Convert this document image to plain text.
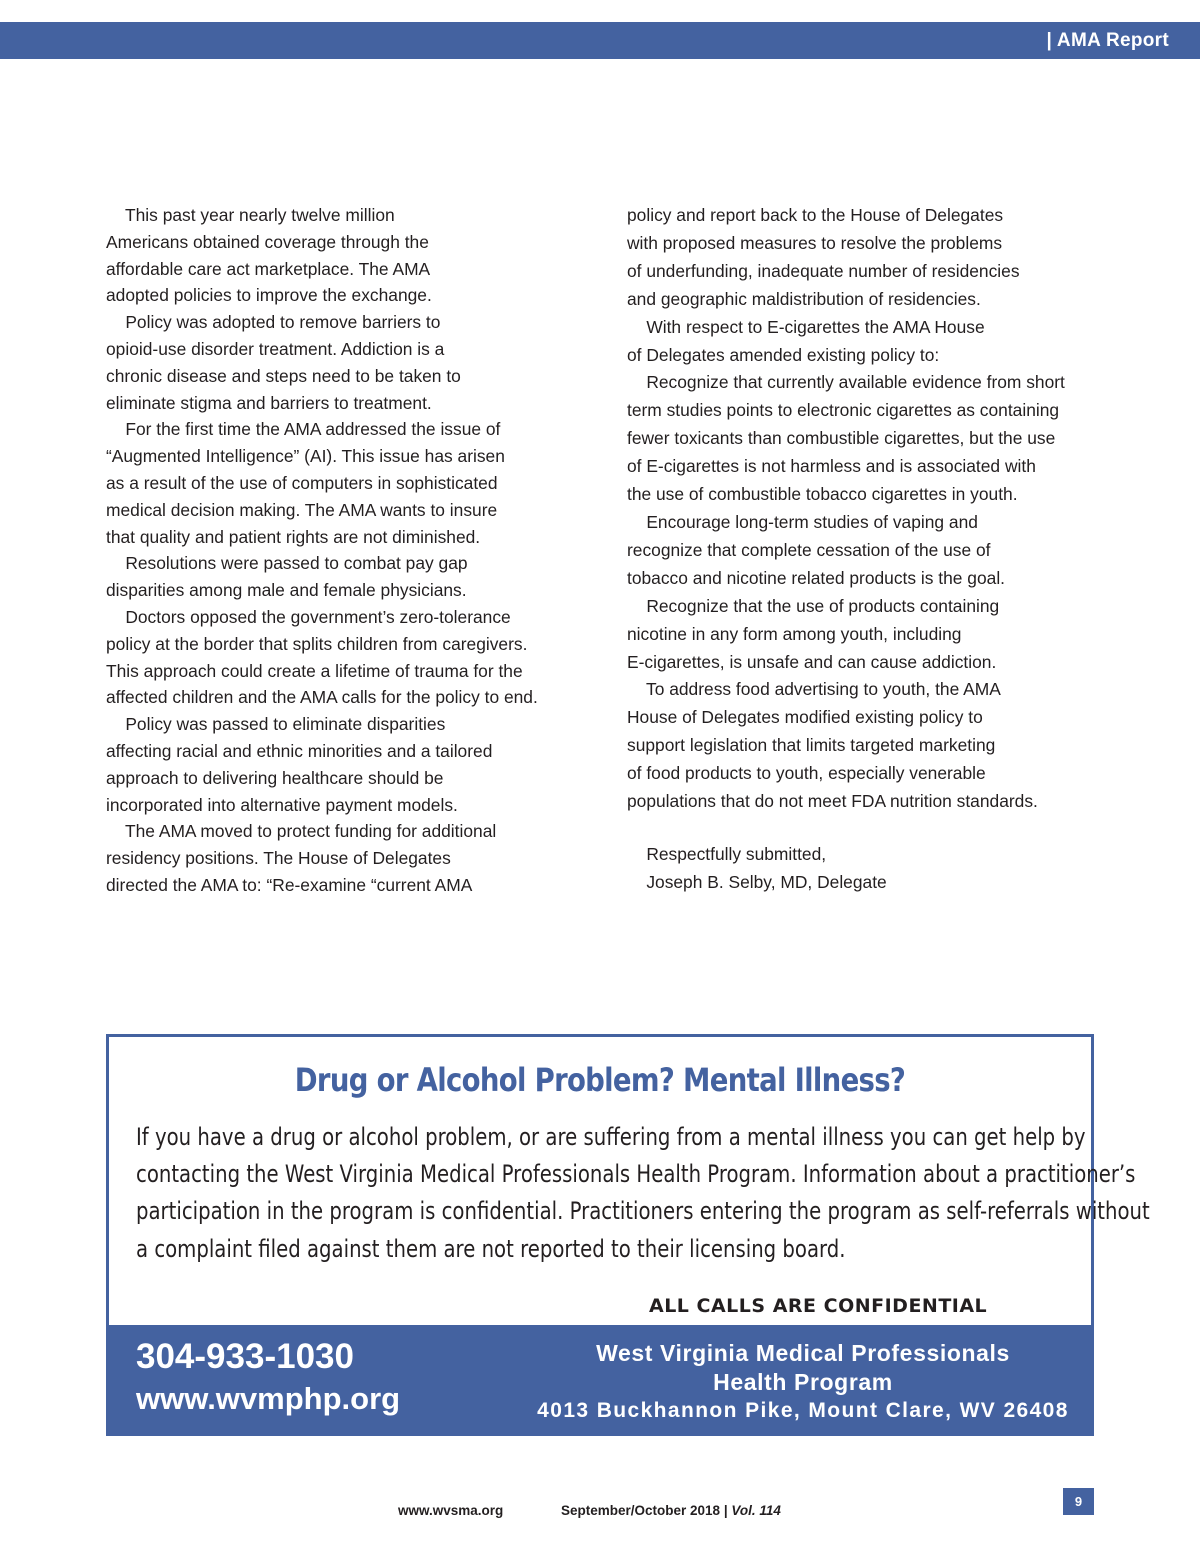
| AMA Report

This past year nearly twelve million

Americans obtained coverage through the

affordable care act marketplace. The AMA

adopted policies to improve the exchange.

Policy was adopted to remove barriers to

opioid-use disorder treatment. Addiction is a

chronic disease and steps need to be taken to

eliminate stigma and barriers to treatment.

For the first time the AMA addressed the issue of

“Augmented Intelligence” (AI). This issue has arisen

as a result of the use of computers in sophisticated

medical decision making. The AMA wants to insure

that quality and patient rights are not diminished.

Resolutions were passed to combat pay gap

disparities among male and female physicians.

Doctors opposed the government’s zero-tolerance

policy at the border that splits children from caregivers.

This approach could create a lifetime of trauma for the

affected children and the AMA calls for the policy to end.

Policy was passed to eliminate disparities

affecting racial and ethnic minorities and a tailored

approach to delivering healthcare should be

incorporated into alternative payment models.

The AMA moved to protect funding for additional

residency positions. The House of Delegates

directed the AMA to: “Re-examine “current AMA

policy and report back to the House of Delegates

with proposed measures to resolve the problems

of underfunding, inadequate number of residencies

and geographic maldistribution of residencies.

With respect to E-cigarettes the AMA House

of Delegates amended existing policy to:

Recognize that currently available evidence from short

term studies points to electronic cigarettes as containing

fewer toxicants than combustible cigarettes, but the use

of E-cigarettes is not harmless and is associated with

the use of combustible tobacco cigarettes in youth.

Encourage long-term studies of vaping and

recognize that complete cessation of the use of

tobacco and nicotine related products is the goal.

Recognize that the use of products containing

nicotine in any form among youth, including

E-cigarettes, is unsafe and can cause addiction.

To address food advertising to youth, the AMA

House of Delegates modified existing policy to

support legislation that limits targeted marketing

of food products to youth, especially venerable

populations that do not meet FDA nutrition standards.

Respectfully submitted,

Joseph B. Selby, MD, Delegate

Drug or Alcohol Problem? Mental Illness?

If you have a drug or alcohol problem, or are suffering from a mental illness you can get help by

contacting the West Virginia Medical Professionals Health Program. Information about a practitioner’s

participation in the program is confidential. Practitioners entering the program as self-referrals without

a complaint filed against them are not reported to their licensing board.

ALL CALLS ARE CONFIDENTIAL
304-933-1030
www.wvmphp.org
West Virginia Medical Professionals
Health Program
4013 Buckhannon Pike, Mount Clare, WV 26408
www.wvsma.org	September/October 2018 | Vol. 114
9
